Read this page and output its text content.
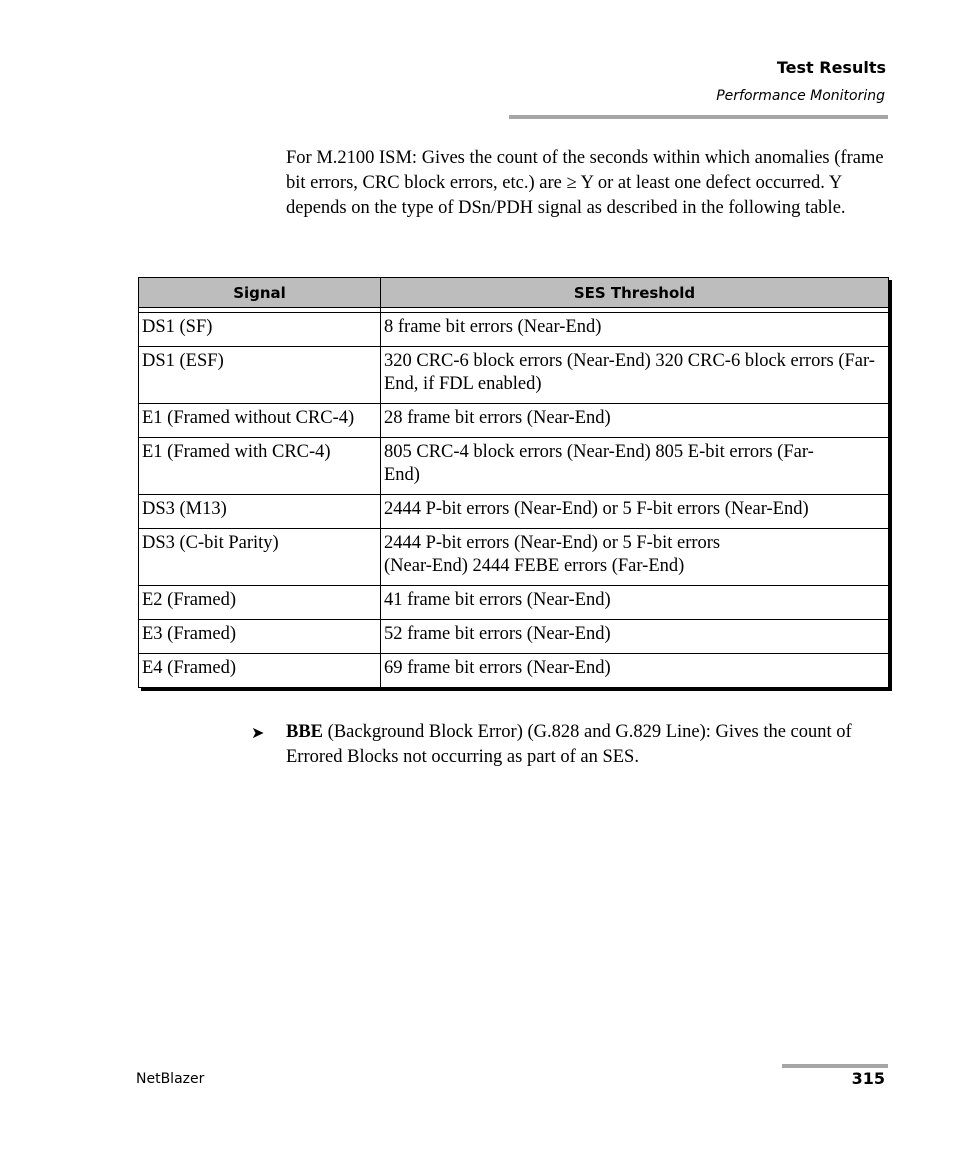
Test Results
Performance Monitoring

For M.2100 ISM: Gives the count of the seconds within which anomalies (frame bit errors, CRC block errors, etc.) are ≥ Y or at least one defect occurred. Y depends on the type of DSn/PDH signal as described in the following table.

Signal	SES Threshold

DS1 (SF)	8 frame bit errors (Near-End)
DS1 (ESF)	320 CRC-6 block errors (Near-End) 320 CRC-6 block errors (Far-End, if FDL enabled)
E1 (Framed without CRC-4)	28 frame bit errors (Near-End)
E1 (Framed with CRC-4)	805 CRC-4 block errors (Near-End) 805 E-bit errors (Far-End)
DS3 (M13)	2444 P-bit errors (Near-End) or 5 F-bit errors (Near-End)
DS3 (C-bit Parity)	2444 P-bit errors (Near-End) or 5 F-bit errors (Near-End) 2444 FEBE errors (Far-End)
E2 (Framed)	41 frame bit errors (Near-End)
E3 (Framed)	52 frame bit errors (Near-End)
E4 (Framed)	69 frame bit errors (Near-End)
➤ BBE (Background Block Error) (G.828 and G.829 Line): Gives the count of Errored Blocks not occurring as part of an SES.

NetBlazer	315
